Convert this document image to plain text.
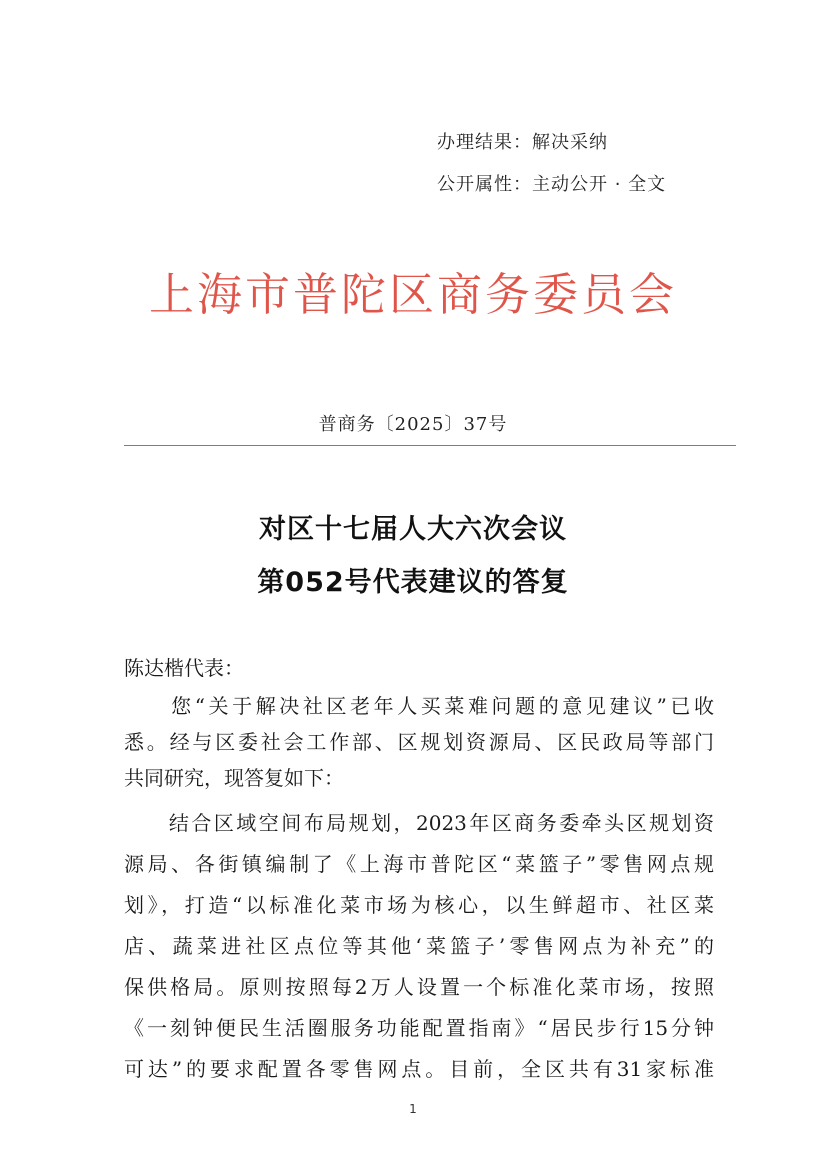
办理结果：解决采纳
公开属性：主动公开 · 全文
上海市普陀区商务委员会
普商务〔2025〕37号
对区十七届人大六次会议
第052号代表建议的答复
陈达楷代表：
　　您“关于解决社区老年人买菜难问题的意见建议”已收
悉。经与区委社会工作部、区规划资源局、区民政局等部门
共同研究，现答复如下：
　　结合区域空间布局规划，2023年区商务委牵头区规划资
源局、各街镇编制了《上海市普陀区“菜篮子”零售网点规
划》，打造“以标准化菜市场为核心，以生鲜超市、社区菜
店、蔬菜进社区点位等其他‘菜篮子’零售网点为补充”的
保供格局。原则按照每2万人设置一个标准化菜市场，按照
《一刻钟便民生活圈服务功能配置指南》“居民步行15分钟
可达”的要求配置各零售网点。目前，全区共有31家标准
1
